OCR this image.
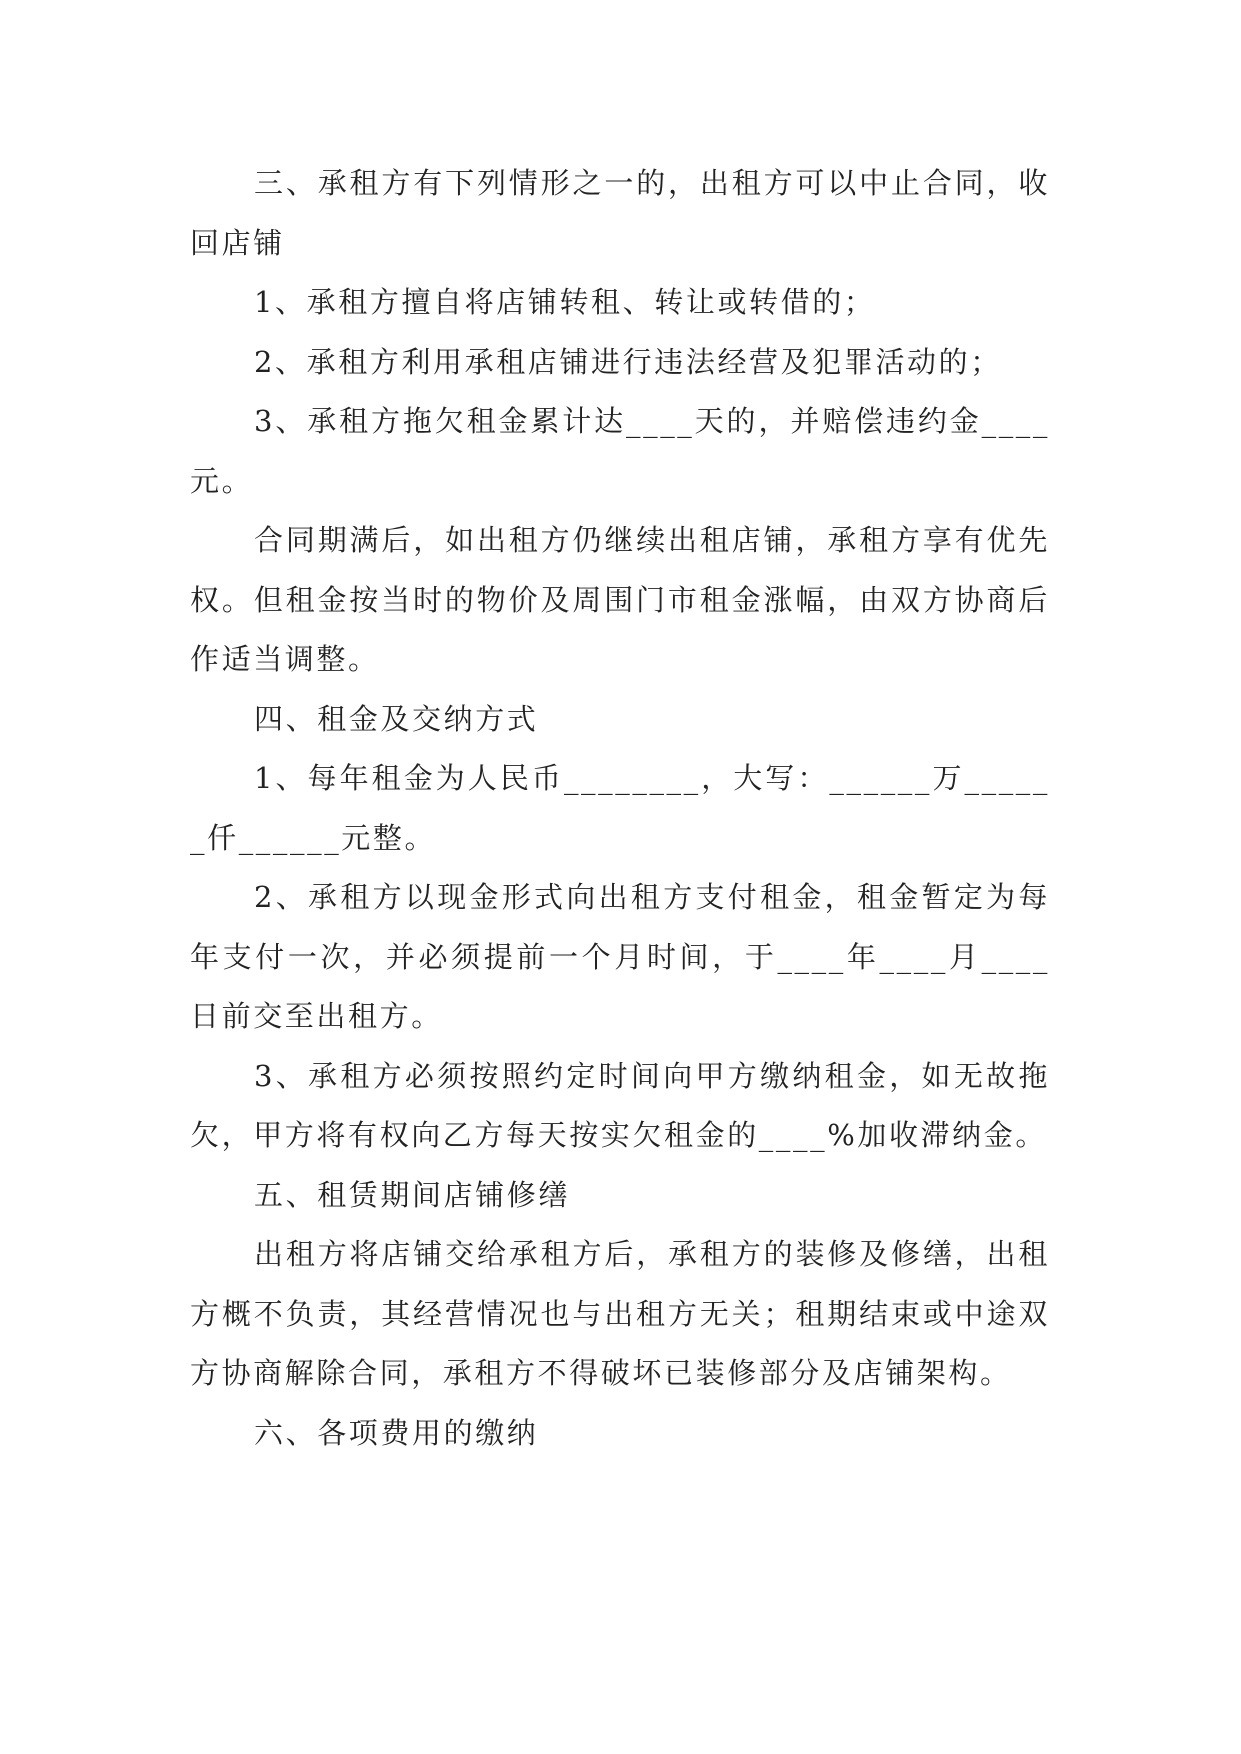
三、承租方有下列情形之一的，出租方可以中止合同，收回店铺

1、承租方擅自将店铺转租、转让或转借的；

2、承租方利用承租店铺进行违法经营及犯罪活动的；

3、承租方拖欠租金累计达____天的，并赔偿违约金____元。

合同期满后，如出租方仍继续出租店铺，承租方享有优先权。但租金按当时的物价及周围门市租金涨幅，由双方协商后作适当调整。

四、租金及交纳方式

1、每年租金为人民币________，大写：______万______仟______元整。

2、承租方以现金形式向出租方支付租金，租金暂定为每年支付一次，并必须提前一个月时间，于____年____月____日前交至出租方。

3、承租方必须按照约定时间向甲方缴纳租金，如无故拖欠，甲方将有权向乙方每天按实欠租金的____%加收滞纳金。

五、租赁期间店铺修缮

出租方将店铺交给承租方后，承租方的装修及修缮，出租方概不负责，其经营情况也与出租方无关；租期结束或中途双方协商解除合同，承租方不得破坏已装修部分及店铺架构。

六、各项费用的缴纳
